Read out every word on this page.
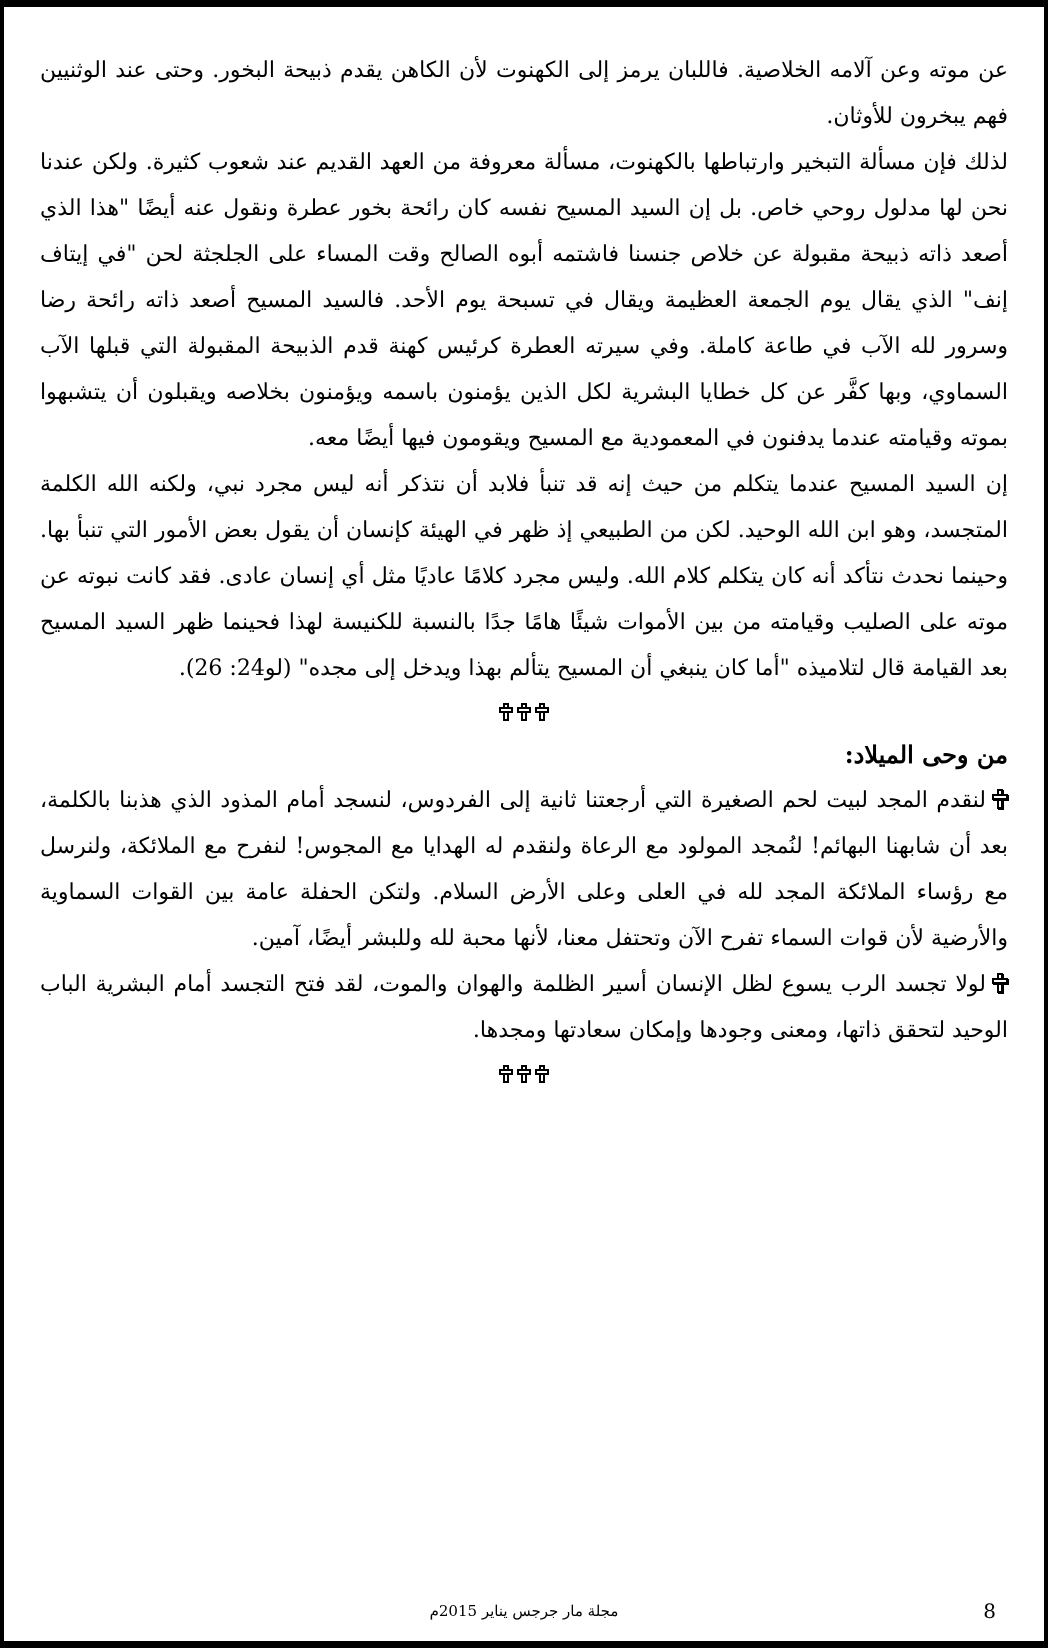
عن موته وعن آلامه الخلاصية. فاللبان يرمز إلى الكهنوت لأن الكاهن يقدم ذبيحة البخور. وحتى عند الوثنيين فهم يبخرون للأوثان.

لذلك فإن مسألة التبخير وارتباطها بالكهنوت، مسألة معروفة من العهد القديم عند شعوب كثيرة. ولكن عندنا نحن لها مدلول روحي خاص. بل إن السيد المسيح نفسه كان رائحة بخور عطرة ونقول عنه أيضًا "هذا الذي أصعد ذاته ذبيحة مقبولة عن خلاص جنسنا فاشتمه أبوه الصالح وقت المساء على الجلجثة لحن "في إيتاف إنف" الذي يقال يوم الجمعة العظيمة ويقال في تسبحة يوم الأحد. فالسيد المسيح أصعد ذاته رائحة رضا وسرور لله الآب في طاعة كاملة. وفي سيرته العطرة كرئيس كهنة قدم الذبيحة المقبولة التي قبلها الآب السماوي، وبها كفَّر عن كل خطايا البشرية لكل الذين يؤمنون باسمه ويؤمنون بخلاصه ويقبلون أن يتشبهوا بموته وقيامته عندما يدفنون في المعمودية مع المسيح ويقومون فيها أيضًا معه.

إن السيد المسيح عندما يتكلم من حيث إنه قد تنبأ فلابد أن نتذكر أنه ليس مجرد نبي، ولكنه الله الكلمة المتجسد، وهو ابن الله الوحيد. لكن من الطبيعي إذ ظهر في الهيئة كإنسان أن يقول بعض الأمور التي تنبأ بها. وحينما نحدث نتأكد أنه كان يتكلم كلام الله. وليس مجرد كلامًا عاديًا مثل أي إنسان عادى. فقد كانت نبوته عن موته على الصليب وقيامته من بين الأموات شيئًا هامًا جدًا بالنسبة للكنيسة لهذا فحينما ظهر السيد المسيح بعد القيامة قال لتلاميذه "أما كان ينبغي أن المسيح يتألم بهذا ويدخل إلى مجده" (لو24: 26).

من وحى الميلاد:

لنقدم المجد لبيت لحم الصغيرة التي أرجعتنا ثانية إلى الفردوس، لنسجد أمام المذود الذي هذبنا بالكلمة، بعد أن شابهنا البهائم! لنُمجد المولود مع الرعاة ولنقدم له الهدايا مع المجوس! لنفرح مع الملائكة، ولنرسل مع رؤساء الملائكة المجد لله في العلى وعلى الأرض السلام. ولتكن الحفلة عامة بين القوات السماوية والأرضية لأن قوات السماء تفرح الآن وتحتفل معنا، لأنها محبة لله وللبشر أيضًا، آمين.

لولا تجسد الرب يسوع لظل الإنسان أسير الظلمة والهوان والموت، لقد فتح التجسد أمام البشرية الباب الوحيد لتحقق ذاتها، ومعنى وجودها وإمكان سعادتها ومجدها.

مجلة مار جرجس يناير 2015م	8
